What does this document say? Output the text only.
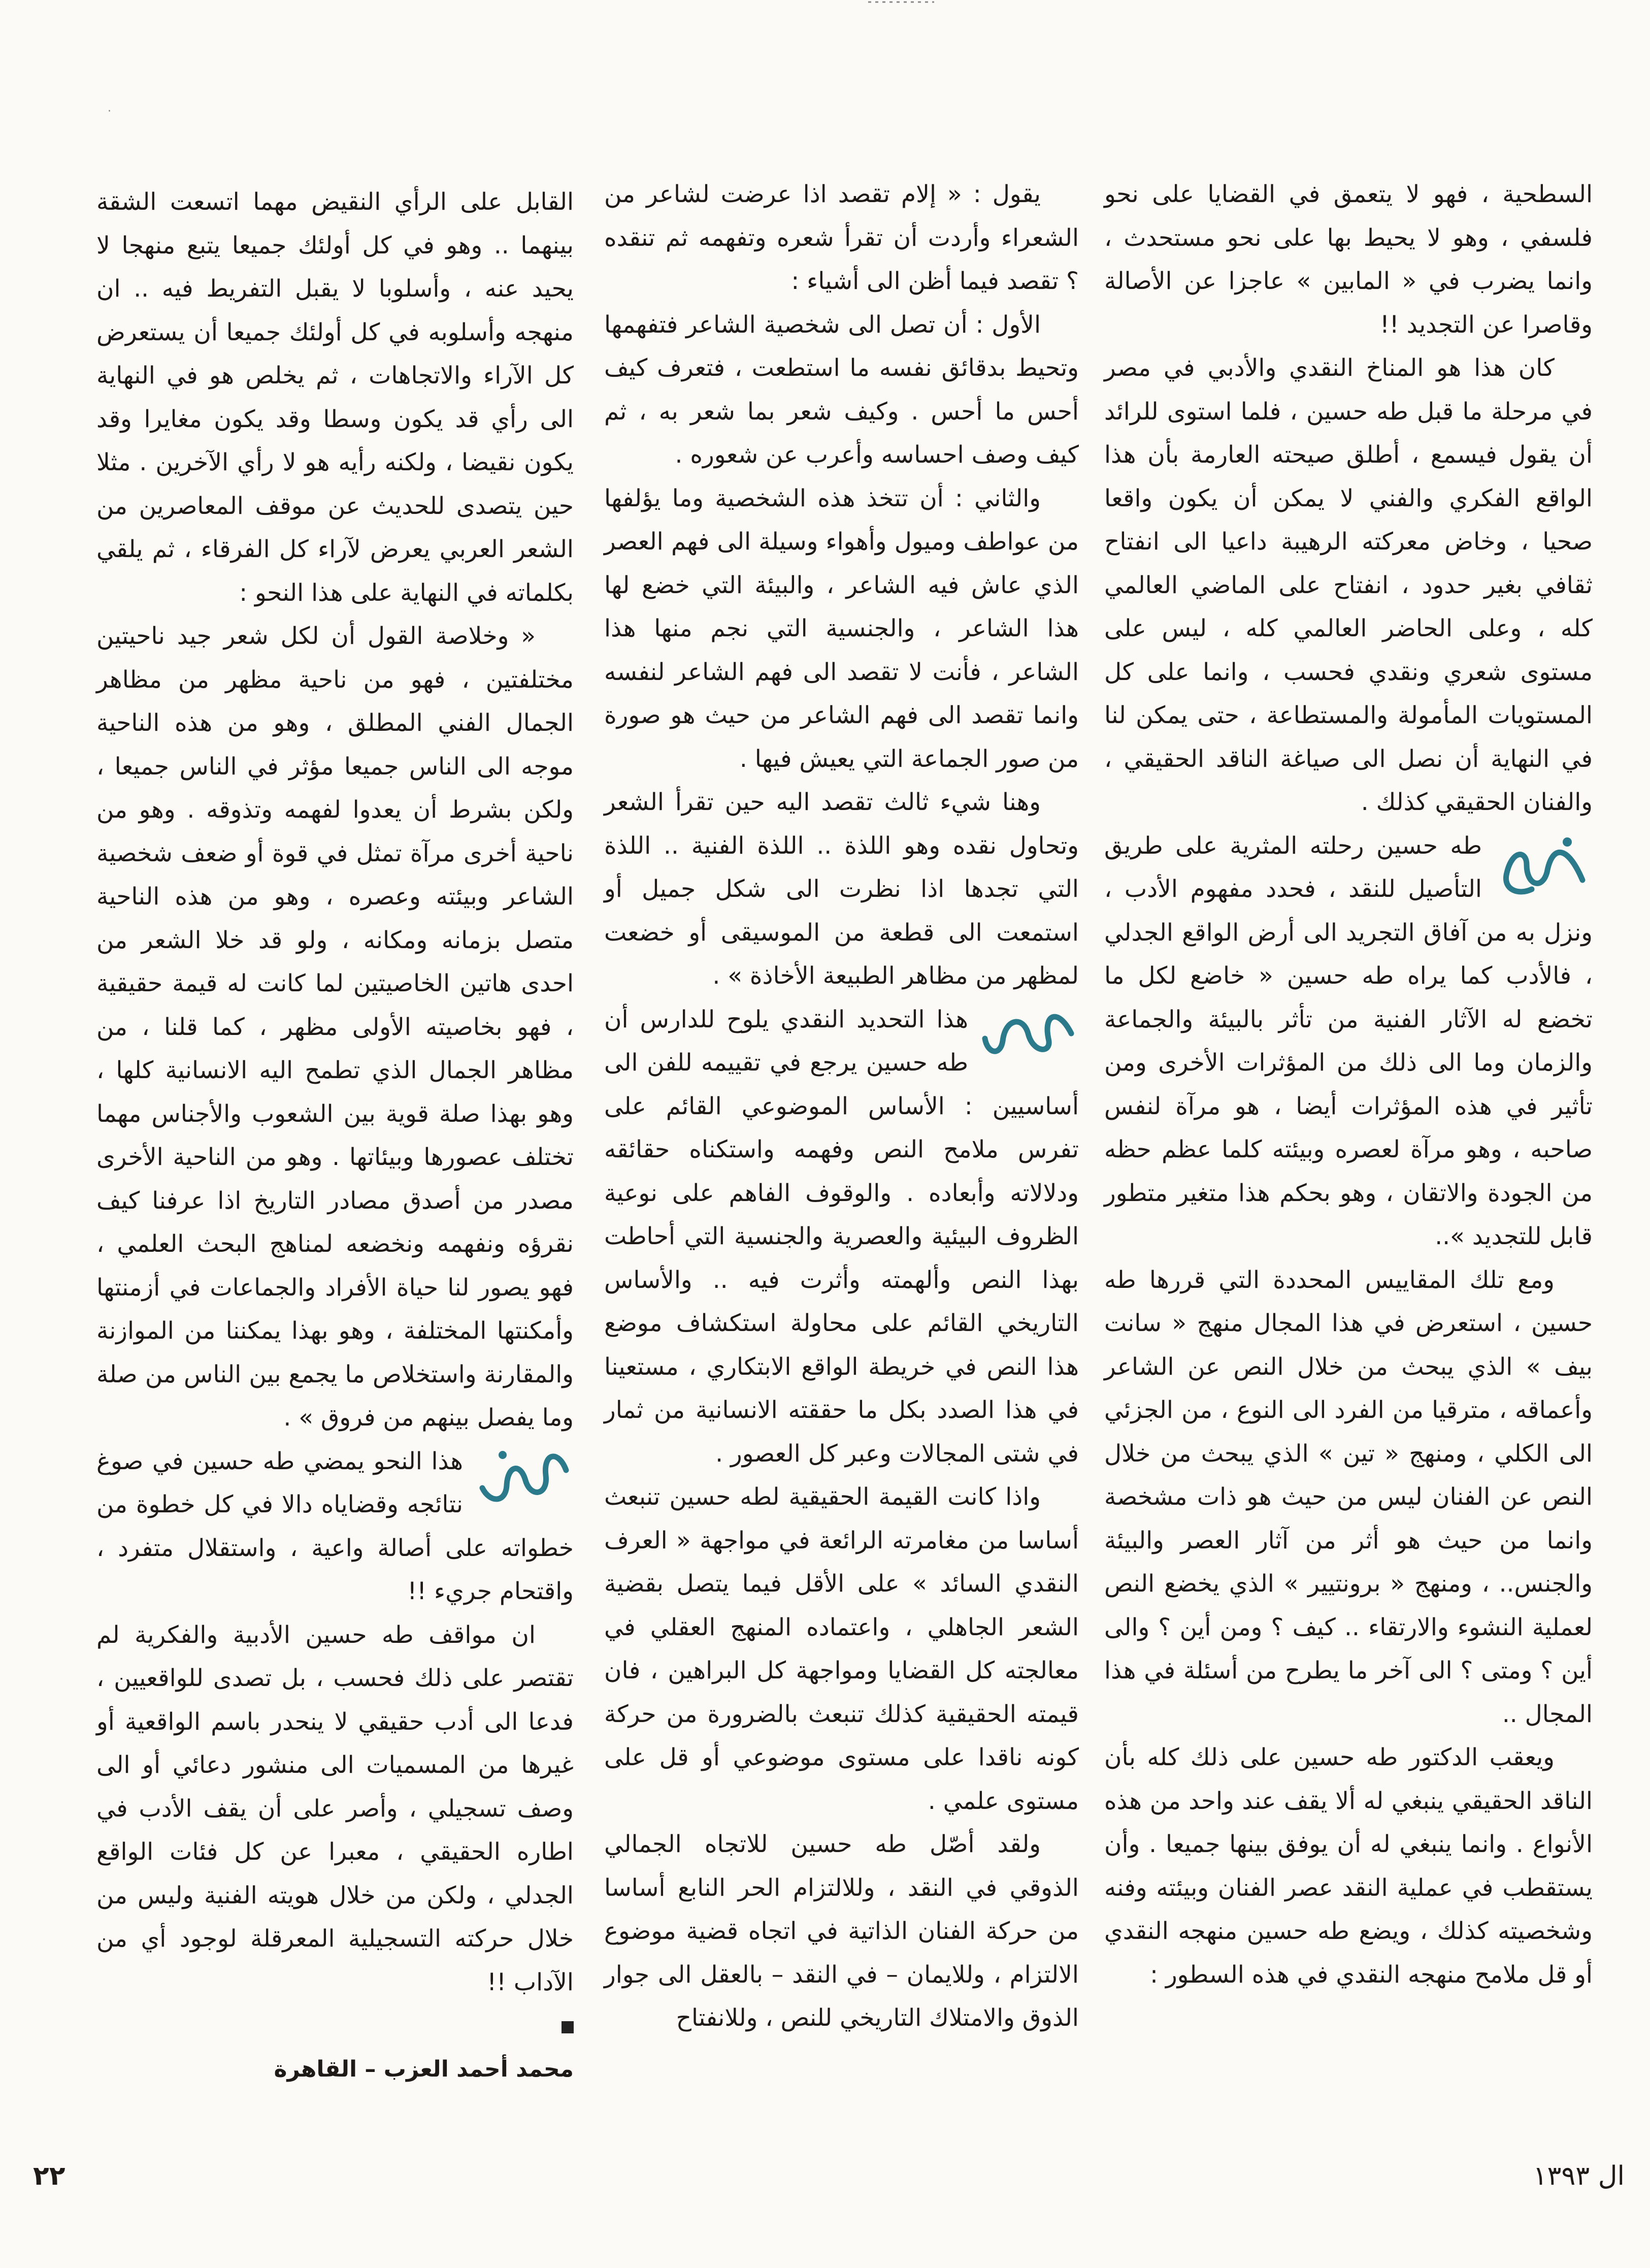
·

السطحية ، فهو لا يتعمق في القضايا على نحو فلسفي ، وهو لا يحيط بها على نحو مستحدث ، وانما يضرب في « المابين » عاجزا عن الأصالة وقاصرا عن التجديد !!

كان هذا هو المناخ النقدي والأدبي في مصر في مرحلة ما قبل طه حسين ، فلما استوى للرائد أن يقول فيسمع ، أطلق صيحته العارمة بأن هذا الواقع الفكري والفني لا يمكن أن يكون واقعا صحيا ، وخاض معركته الرهيبة داعيا الى انفتاح ثقافي بغير حدود ، انفتاح على الماضي العالمي كله ، وعلى الحاضر العالمي كله ، ليس على مستوى شعري ونقدي فحسب ، وانما على كل المستويات المأمولة والمستطاعة ، حتى يمكن لنا في النهاية أن نصل الى صياغة الناقد الحقيقي ، والفنان الحقيقي كذلك .

طه حسين رحلته المثرية على طريق التأصيل للنقد ، فحدد مفهوم الأدب ، ونزل به من آفاق التجريد الى أرض الواقع الجدلي ، فالأدب كما يراه طه حسين « خاضع لكل ما تخضع له الآثار الفنية من تأثر بالبيئة والجماعة والزمان وما الى ذلك من المؤثرات الأخرى ومن تأثير في هذه المؤثرات أيضا ، هو مرآة لنفس صاحبه ، وهو مرآة لعصره وبيئته كلما عظم حظه من الجودة والاتقان ، وهو بحكم هذا متغير متطور قابل للتجديد »..

ومع تلك المقاييس المحددة التي قررها طه حسين ، استعرض في هذا المجال منهج « سانت بيف » الذي يبحث من خلال النص عن الشاعر وأعماقه ، مترقيا من الفرد الى النوع ، من الجزئي الى الكلي ، ومنهج « تين » الذي يبحث من خلال النص عن الفنان ليس من حيث هو ذات مشخصة وانما من حيث هو أثر من آثار العصر والبيئة والجنس.. ، ومنهج « برونتيير » الذي يخضع النص لعملية النشوء والارتقاء .. كيف ؟ ومن أين ؟ والى أين ؟ ومتى ؟ الى آخر ما يطرح من أسئلة في هذا المجال ..

ويعقب الدكتور طه حسين على ذلك كله بأن الناقد الحقيقي ينبغي له ألا يقف عند واحد من هذه الأنواع . وانما ينبغي له أن يوفق بينها جميعا . وأن يستقطب في عملية النقد عصر الفنان وبيئته وفنه وشخصيته كذلك ، ويضع طه حسين منهجه النقدي أو قل ملامح منهجه النقدي في هذه السطور :

يقول : « إلام تقصد اذا عرضت لشاعر من الشعراء وأردت أن تقرأ شعره وتفهمه ثم تنقده ؟ تقصد فيما أظن الى أشياء :

الأول : أن تصل الى شخصية الشاعر فتفهمها وتحيط بدقائق نفسه ما استطعت ، فتعرف كيف أحس ما أحس . وكيف شعر بما شعر به ، ثم كيف وصف احساسه وأعرب عن شعوره .

والثاني : أن تتخذ هذه الشخصية وما يؤلفها من عواطف وميول وأهواء وسيلة الى فهم العصر الذي عاش فيه الشاعر ، والبيئة التي خضع لها هذا الشاعر ، والجنسية التي نجم منها هذا الشاعر ، فأنت لا تقصد الى فهم الشاعر لنفسه وانما تقصد الى فهم الشاعر من حيث هو صورة من صور الجماعة التي يعيش فيها .

وهنا شيء ثالث تقصد اليه حين تقرأ الشعر وتحاول نقده وهو اللذة .. اللذة الفنية .. اللذة التي تجدها اذا نظرت الى شكل جميل أو استمعت الى قطعة من الموسيقى أو خضعت لمظهر من مظاهر الطبيعة الأخاذة » .

هذا التحديد النقدي يلوح للدارس أن طه حسين يرجع في تقييمه للفن الى أساسيين : الأساس الموضوعي القائم على تفرس ملامح النص وفهمه واستكناه حقائقه ودلالاته وأبعاده . والوقوف الفاهم على نوعية الظروف البيئية والعصرية والجنسية التي أحاطت بهذا النص وألهمته وأثرت فيه .. والأساس التاريخي القائم على محاولة استكشاف موضع هذا النص في خريطة الواقع الابتكاري ، مستعينا في هذا الصدد بكل ما حققته الانسانية من ثمار في شتى المجالات وعبر كل العصور .

واذا كانت القيمة الحقيقية لطه حسين تنبعث أساسا من مغامرته الرائعة في مواجهة « العرف النقدي السائد » على الأقل فيما يتصل بقضية الشعر الجاهلي ، واعتماده المنهج العقلي في معالجته كل القضايا ومواجهة كل البراهين ، فان قيمته الحقيقية كذلك تنبعث بالضرورة من حركة كونه ناقدا على مستوى موضوعي أو قل على مستوى علمي .

ولقد أصّل طه حسين للاتجاه الجمالي الذوقي في النقد ، وللالتزام الحر النابع أساسا من حركة الفنان الذاتية في اتجاه قضية موضوع الالتزام ، وللايمان – في النقد – بالعقل الى جوار الذوق والامتلاك التاريخي للنص ، وللانفتاح

القابل على الرأي النقيض مهما اتسعت الشقة بينهما .. وهو في كل أولئك جميعا يتبع منهجا لا يحيد عنه ، وأسلوبا لا يقبل التفريط فيه .. ان منهجه وأسلوبه في كل أولئك جميعا أن يستعرض كل الآراء والاتجاهات ، ثم يخلص هو في النهاية الى رأي قد يكون وسطا وقد يكون مغايرا وقد يكون نقيضا ، ولكنه رأيه هو لا رأي الآخرين . مثلا حين يتصدى للحديث عن موقف المعاصرين من الشعر العربي يعرض لآراء كل الفرقاء ، ثم يلقي بكلماته في النهاية على هذا النحو :

« وخلاصة القول أن لكل شعر جيد ناحيتين مختلفتين ، فهو من ناحية مظهر من مظاهر الجمال الفني المطلق ، وهو من هذه الناحية موجه الى الناس جميعا مؤثر في الناس جميعا ، ولكن بشرط أن يعدوا لفهمه وتذوقه . وهو من ناحية أخرى مرآة تمثل في قوة أو ضعف شخصية الشاعر وبيئته وعصره ، وهو من هذه الناحية متصل بزمانه ومكانه ، ولو قد خلا الشعر من احدى هاتين الخاصيتين لما كانت له قيمة حقيقية ، فهو بخاصيته الأولى مظهر ، كما قلنا ، من مظاهر الجمال الذي تطمح اليه الانسانية كلها ، وهو بهذا صلة قوية بين الشعوب والأجناس مهما تختلف عصورها وبيئاتها . وهو من الناحية الأخرى مصدر من أصدق مصادر التاريخ اذا عرفنا كيف نقرؤه ونفهمه ونخضعه لمناهج البحث العلمي ، فهو يصور لنا حياة الأفراد والجماعات في أزمنتها وأمكنتها المختلفة ، وهو بهذا يمكننا من الموازنة والمقارنة واستخلاص ما يجمع بين الناس من صلة وما يفصل بينهم من فروق » .

هذا النحو يمضي طه حسين في صوغ نتائجه وقضاياه دالا في كل خطوة من خطواته على أصالة واعية ، واستقلال متفرد ، واقتحام جريء !!

ان مواقف طه حسين الأدبية والفكرية لم تقتصر على ذلك فحسب ، بل تصدى للواقعيين ، فدعا الى أدب حقيقي لا ينحدر باسم الواقعية أو غيرها من المسميات الى منشور دعائي أو الى وصف تسجيلي ، وأصر على أن يقف الأدب في اطاره الحقيقي ، معبرا عن كل فئات الواقع الجدلي ، ولكن من خلال هويته الفنية وليس من خلال حركته التسجيلية المعرقلة لوجود أي من الآداب !!

محمد أحمد العزب – القاهرة

٢٢	ال ١٣٩٣
